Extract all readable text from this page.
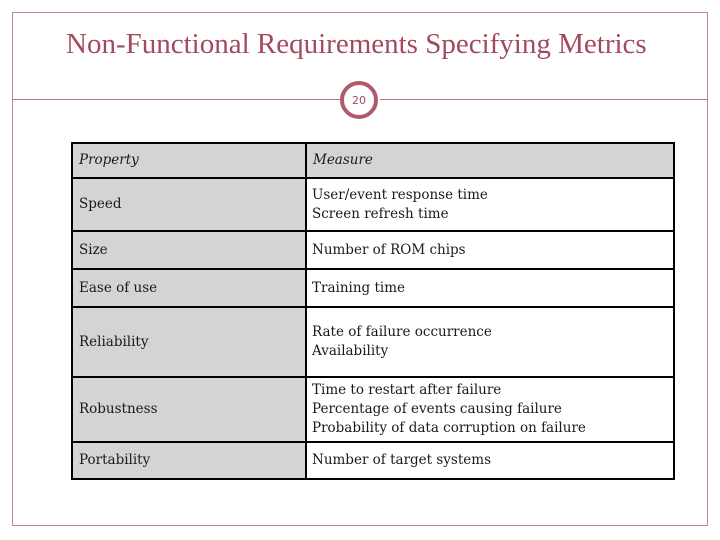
Non-Functional Requirements Specifying Metrics
20
Property	Measure
Speed	User/event response time
Screen refresh time

Size	Number of ROM chips

Ease of use	Training time

Reliability	Rate of failure occurrence
Availability

Robustness	Time to restart after failure
Percentage of events causing failure
Probability of data corruption on failure

Portability	Number of target systems
